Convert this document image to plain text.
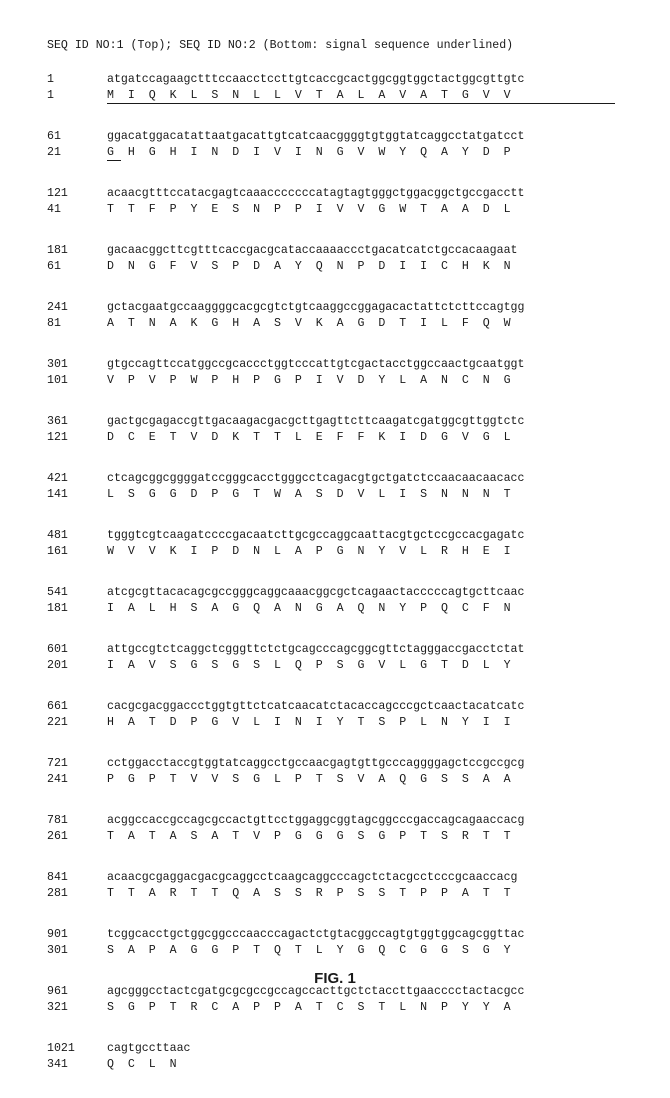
SEQ ID NO:1 (Top); SEQ ID NO:2 (Bottom: signal sequence underlined)
1	atgatccagaagctttccaacctccttgtcaccgcactggcggtggctactggcgttgtc
1	M  I  Q  K  L  S  N  L  L  V  T  A  L  A  V  A  T  G  V  V
61	ggacatggacatattaatgacattgtcatcaacggggtgtggtatcaggcctatgatcct
21	G  H  G  H  I  N  D  I  V  I  N  G  V  W  Y  Q  A  Y  D  P
121	acaacgtttccatacgagtcaaacccccccatagtagtgggctggacggctgccgacctt
41	T  T  F  P  Y  E  S  N  P  P  I  V  V  G  W  T  A  A  D  L
181	gacaacggcttcgtttcaccgacgcataccaaaaccctgacatcatctgccacaagaat
61	D  N  G  F  V  S  P  D  A  Y  Q  N  P  D  I  I  C  H  K  N
241	gctacgaatgccaaggggcacgcgtctgtcaaggccggagacactattctcttccagtgg
81	A  T  N  A  K  G  H  A  S  V  K  A  G  D  T  I  L  F  Q  W
301	gtgccagttccatggccgcaccctggtcccattgtcgactacctggccaactgcaatggt
101	V  P  V  P  W  P  H  P  G  P  I  V  D  Y  L  A  N  C  N  G
361	gactgcgagaccgttgacaagacgacgcttgagttcttcaagatcgatggcgttggtctc
121	D  C  E  T  V  D  K  T  T  L  E  F  F  K  I  D  G  V  G  L
421	ctcagcggcggggatccgggcacctgggcctcagacgtgctgatctccaacaacaacacc
141	L  S  G  G  D  P  G  T  W  A  S  D  V  L  I  S  N  N  N  T
481	tgggtcgtcaagatccccgacaatcttgcgccaggcaattacgtgctccgccacgagatc
161	W  V  V  K  I  P  D  N  L  A  P  G  N  Y  V  L  R  H  E  I
541	atcgcgttacacagcgccgggcaggcaaacggcgctcagaactacccccagtgcttcaac
181	I  A  L  H  S  A  G  Q  A  N  G  A  Q  N  Y  P  Q  C  F  N
601	attgccgtctcaggctcgggttctctgcagcccagcggcgttctagggaccgacctctat
201	I  A  V  S  G  S  G  S  L  Q  P  S  G  V  L  G  T  D  L  Y
661	cacgcgacggaccctggtgttctcatcaacatctacaccagcccgctcaactacatcatc
221	H  A  T  D  P  G  V  L  I  N  I  Y  T  S  P  L  N  Y  I  I
721	cctggacctaccgtggtatcaggcctgccaacgagtgttgcccaggggagctccgccgcg
241	P  G  P  T  V  V  S  G  L  P  T  S  V  A  Q  G  S  S  A  A
781	acggccaccgccagcgccactgttcctggaggcggtagcggcccgaccagcagaaccacg
261	T  A  T  A  S  A  T  V  P  G  G  G  S  G  P  T  S  R  T  T
841	acaacgcgaggacgacgcaggcctcaagcaggcccagctctacgcctcccgcaaccacg
281	T  T  A  R  T  T  Q  A  S  S  R  P  S  S  T  P  P  A  T  T
901	tcggcacctgctggcggcccaacccagactctgtacggccagtgtggtggcagcggttac
301	S  A  P  A  G  G  P  T  Q  T  L  Y  G  Q  C  G  G  S  G  Y
961	agcgggcctactcgatgcgcgccgccagccacttgctctaccttgaacccctactacgcc
321	S  G  P  T  R  C  A  P  P  A  T  C  S  T  L  N  P  Y  Y  A
1021	cagtgccttaac
341	Q  C  L  N
FIG. 1
